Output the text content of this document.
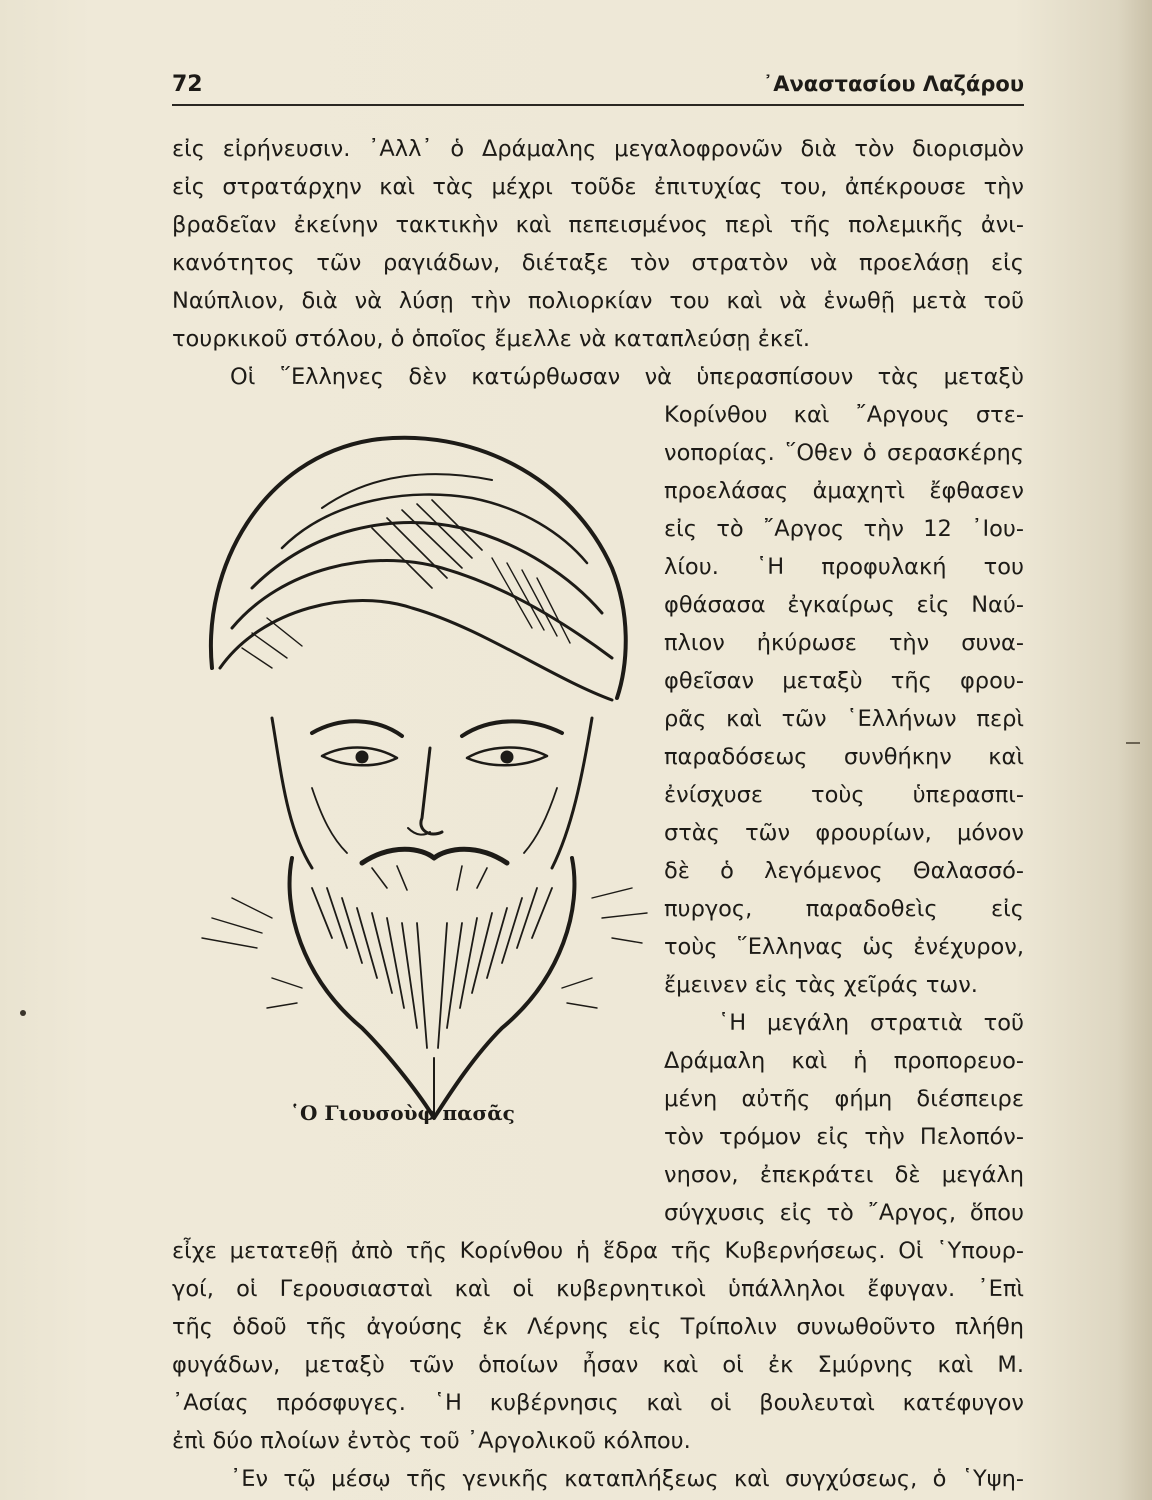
72	᾿Αναστασίου Λαζάρου
εἰς εἰρήνευσιν. ᾿Αλλ᾿ ὁ Δράμαλης μεγαλοφρονῶν διὰ τὸν διορισμὸν
εἰς στρατάρχην καὶ τὰς μέχρι τοῦδε ἐπιτυχίας του, ἀπέκρουσε τὴν
βραδεῖαν ἐκείνην τακτικὴν καὶ πεπεισμένος περὶ τῆς πολεμικῆς ἀνι-
κανότητος τῶν ραγιάδων, διέταξε τὸν στρατὸν νὰ προελάσῃ εἰς
Ναύπλιον, διὰ νὰ λύσῃ τὴν πολιορκίαν του καὶ νὰ ἑνωθῇ μετὰ τοῦ
τουρκικοῦ στόλου, ὁ ὁποῖος ἔμελλε νὰ καταπλεύσῃ ἐκεῖ.
Οἱ ῞Ελληνες δὲν κατώρθωσαν νὰ ὑπερασπίσουν τὰς μεταξὺ
Κορίνθου καὶ ῎Αργους στε-
νοπορίας. ῞Οθεν ὁ σερασκέρης
προελάσας ἀμαχητὶ ἔφθασεν
εἰς τὸ ῎Αργος τὴν 12 ᾿Ιου-
λίου. ῾Η προφυλακή του
φθάσασα ἐγκαίρως εἰς Ναύ-
πλιον ἠκύρωσε τὴν συνα-
φθεῖσαν μεταξὺ τῆς φρου-
ρᾶς καὶ τῶν ῾Ελλήνων περὶ
παραδόσεως συνθήκην καὶ
ἐνίσχυσε τοὺς ὑπερασπι-
στὰς τῶν φρουρίων, μόνον
δὲ ὁ λεγόμενος Θαλασσό-
πυργος, παραδοθεὶς εἰς
τοὺς ῞Ελληνας ὡς ἐνέχυρον,
ἔμεινεν εἰς τὰς χεῖράς των.
῾Η μεγάλη στρατιὰ τοῦ
Δράμαλη καὶ ἡ προπορευο-
μένη αὐτῆς φήμη διέσπειρε
τὸν τρόμον εἰς τὴν Πελοπόν-
νησον, ἐπεκράτει δὲ μεγάλη
σύγχυσις εἰς τὸ ῎Αργος, ὅπου
εἶχε μετατεθῇ ἀπὸ τῆς Κορίνθου ἡ ἕδρα τῆς Κυβερνήσεως. Οἱ ῾Υπουρ-
γοί, οἱ Γερουσιασταὶ καὶ οἱ κυβερνητικοὶ ὑπάλληλοι ἔφυγαν. ᾿Επὶ
τῆς ὁδοῦ τῆς ἀγούσης ἐκ Λέρνης εἰς Τρίπολιν συνωθοῦντο πλήθη
φυγάδων, μεταξὺ τῶν ὁποίων ἦσαν καὶ οἱ ἐκ Σμύρνης καὶ Μ.
᾿Ασίας πρόσφυγες. ῾Η κυβέρνησις καὶ οἱ βουλευταὶ κατέφυγον
ἐπὶ δύο πλοίων ἐντὸς τοῦ ᾿Αργολικοῦ κόλπου.
᾿Εν τῷ μέσῳ τῆς γενικῆς καταπλήξεως καὶ συγχύσεως, ὁ ῾Υψη-
῾Ο Γιουσοὺφ πασᾶς
